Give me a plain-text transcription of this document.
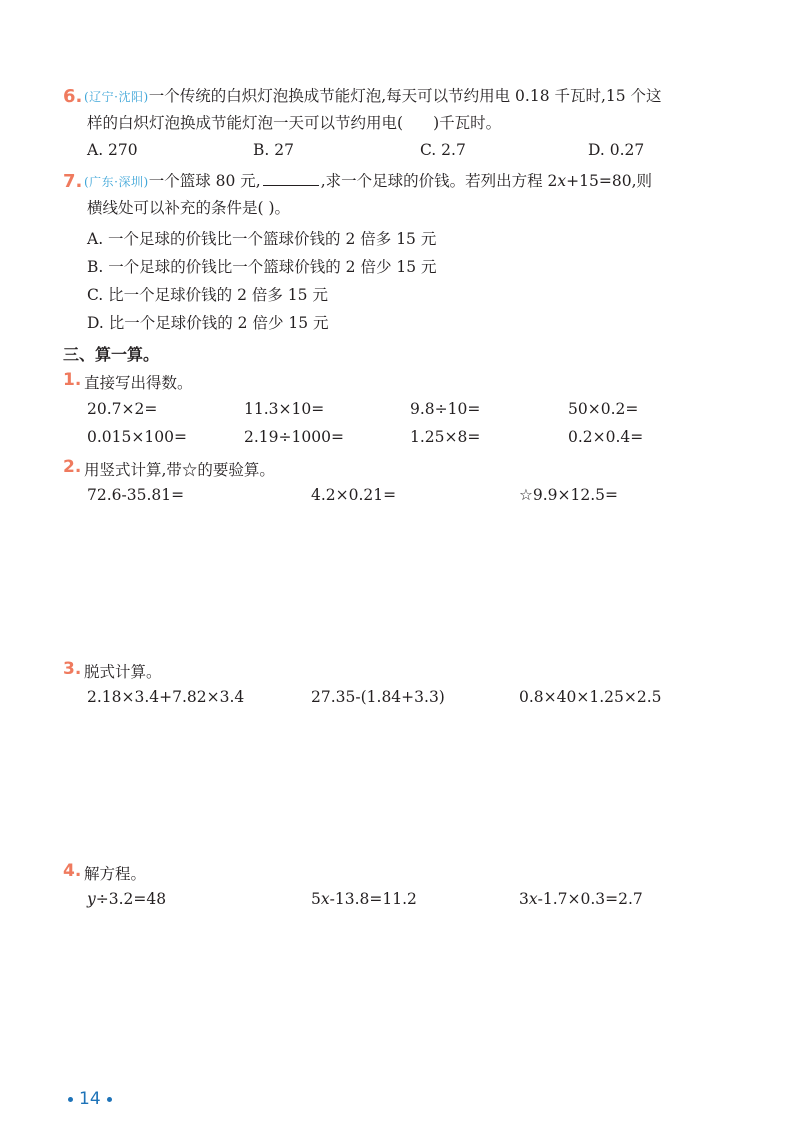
6. (辽宁·沈阳)一个传统的白炽灯泡换成节能灯泡,每天可以节约用电 0.18 千瓦时,15 个这
样的白炽灯泡换成节能灯泡一天可以节约用电( )千瓦时。
A. 270	B. 27	C. 2.7	D. 0.27
7. (广东·深圳)一个篮球 80 元,	,求一个足球的价钱。若列出方程 2x+15=80,则
横线处可以补充的条件是( )。
A. 一个足球的价钱比一个篮球价钱的 2 倍多 15 元
B. 一个足球的价钱比一个篮球价钱的 2 倍少 15 元
C. 比一个足球价钱的 2 倍多 15 元
D. 比一个足球价钱的 2 倍少 15 元
三、算一算。
1. 直接写出得数。
20.7×2=	11.3×10=	9.8÷10=	50×0.2=
0.015×100=	2.19÷1000=	1.25×8=	0.2×0.4=
2. 用竖式计算,带☆的要验算。
72.6-35.81=	4.2×0.21=	☆9.9×12.5=
3. 脱式计算。
2.18×3.4+7.82×3.4	27.35-(1.84+3.3)	0.8×40×1.25×2.5
4. 解方程。
y÷3.2=48	5x-13.8=11.2	3x-1.7×0.3=2.7
14
